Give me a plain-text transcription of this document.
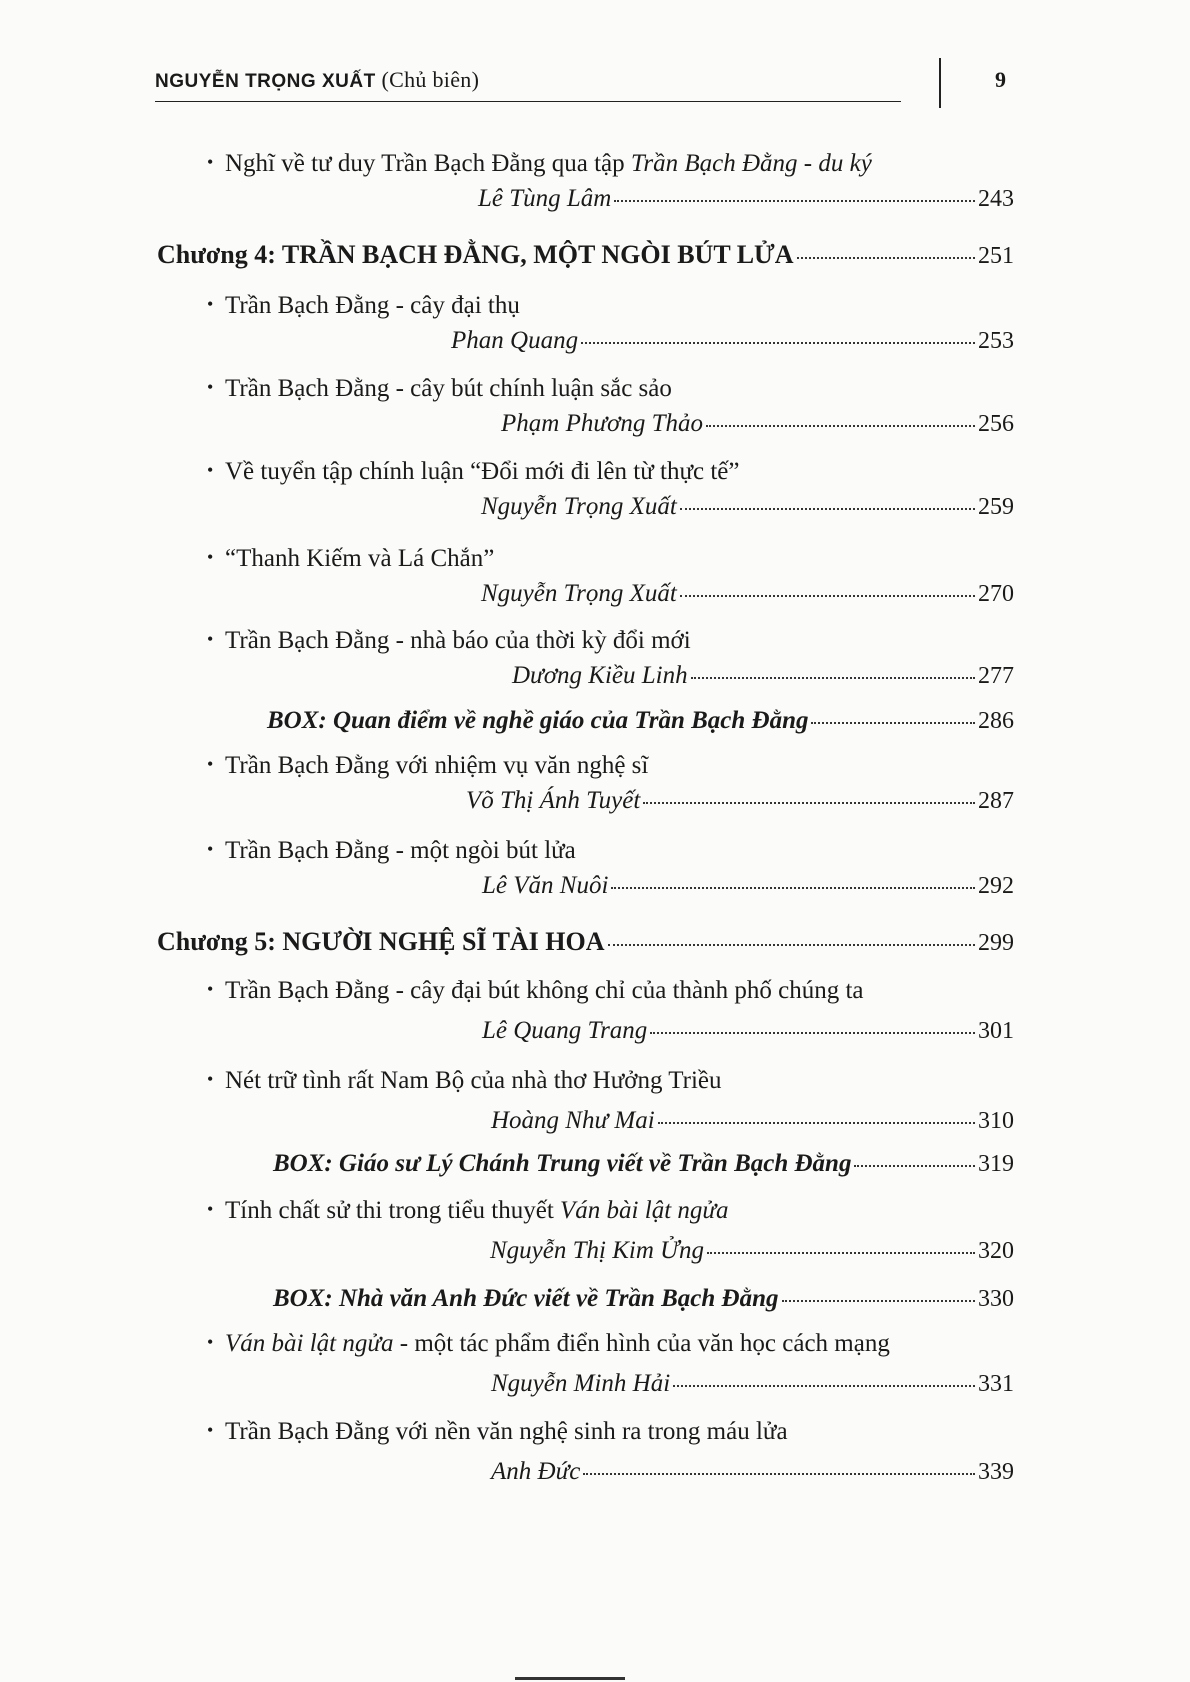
NGUYỄN TRỌNG XUẤT (Chủ biên)	9
• Nghĩ về tư duy Trần Bạch Đằng qua tập Trần Bạch Đằng - du ký
Lê Tùng Lâm	243
Chương 4: TRẦN BẠCH ĐẰNG, MỘT NGÒI BÚT LỬA	251
• Trần Bạch Đằng - cây đại thụ
Phan Quang	253
• Trần Bạch Đằng - cây bút chính luận sắc sảo
Phạm Phương Thảo	256
• Về tuyển tập chính luận “Đổi mới đi lên từ thực tế”
Nguyễn Trọng Xuất	259
• “Thanh Kiếm và Lá Chắn”
Nguyễn Trọng Xuất	270
• Trần Bạch Đằng - nhà báo của thời kỳ đổi mới
Dương Kiều Linh	277
BOX: Quan điểm về nghề giáo của Trần Bạch Đằng	286
• Trần Bạch Đằng với nhiệm vụ văn nghệ sĩ
Võ Thị Ánh Tuyết	287
• Trần Bạch Đằng - một ngòi bút lửa
Lê Văn Nuôi	292
Chương 5: NGƯỜI NGHỆ SĨ TÀI HOA	299
• Trần Bạch Đằng - cây đại bút không chỉ của thành phố chúng ta
Lê Quang Trang	301
• Nét trữ tình rất Nam Bộ của nhà thơ Hưởng Triều
Hoàng Như Mai	310
BOX: Giáo sư Lý Chánh Trung viết về Trần Bạch Đằng	319
• Tính chất sử thi trong tiểu thuyết Ván bài lật ngửa
Nguyễn Thị Kim Ửng	320
BOX: Nhà văn Anh Đức viết về Trần Bạch Đằng	330
• Ván bài lật ngửa - một tác phẩm điển hình của văn học cách mạng
Nguyễn Minh Hải	331
• Trần Bạch Đằng với nền văn nghệ sinh ra trong máu lửa
Anh Đức	339
